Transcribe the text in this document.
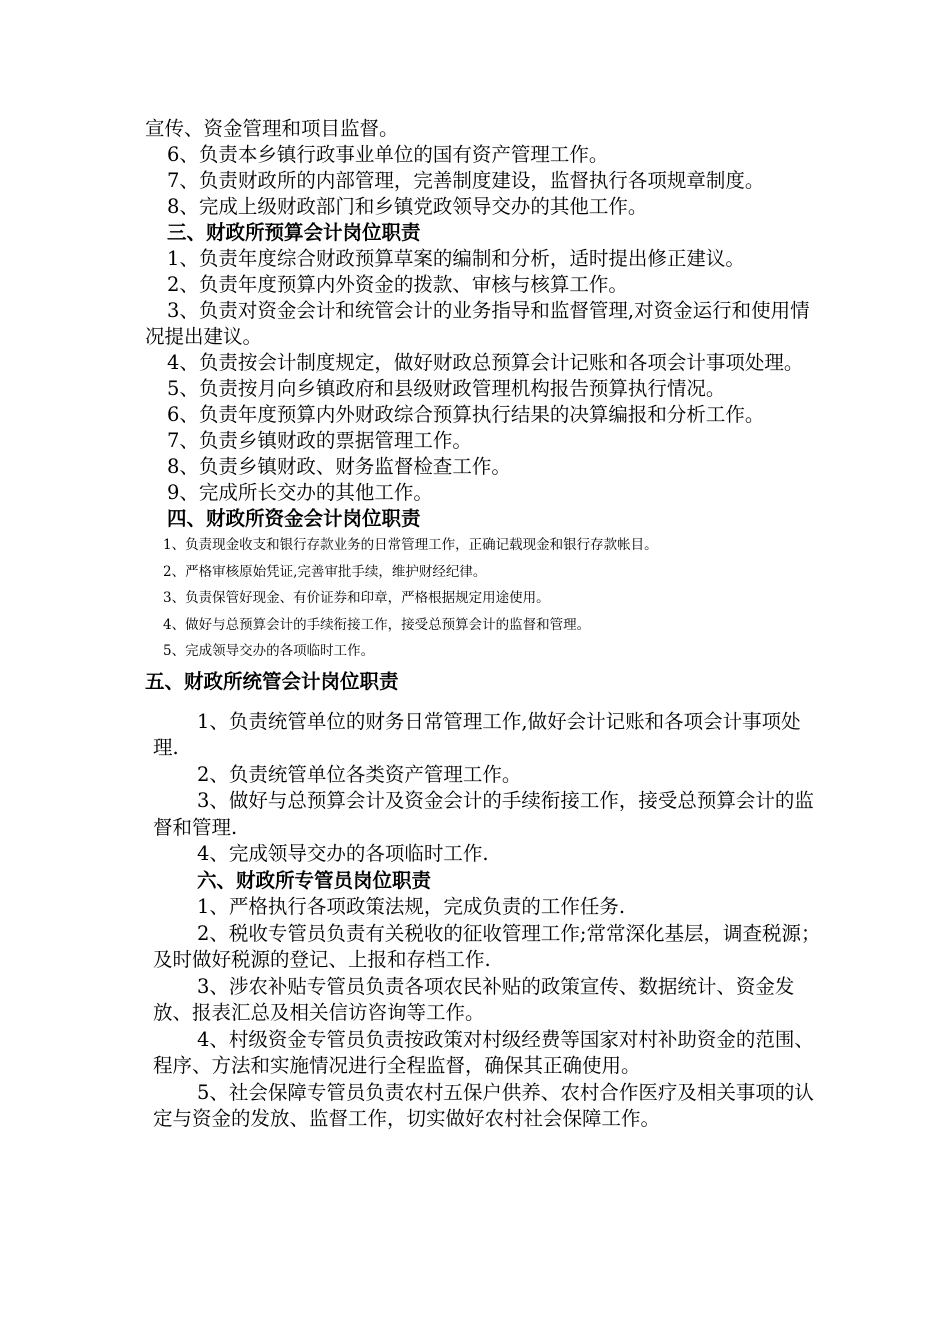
宣传、资金管理和项目监督。

6、负责本乡镇行政事业单位的国有资产管理工作。

7、负责财政所的内部管理，完善制度建设，监督执行各项规章制度。

8、完成上级财政部门和乡镇党政领导交办的其他工作。

三、财政所预算会计岗位职责

1、负责年度综合财政预算草案的编制和分析，适时提出修正建议。

2、负责年度预算内外资金的拨款、审核与核算工作。

3、负责对资金会计和统管会计的业务指导和监督管理,对资金运行和使用情况提出建议。

4、负责按会计制度规定，做好财政总预算会计记账和各项会计事项处理。

5、负责按月向乡镇政府和县级财政管理机构报告预算执行情况。

6、负责年度预算内外财政综合预算执行结果的决算编报和分析工作。

7、负责乡镇财政的票据管理工作。

8、负责乡镇财政、财务监督检查工作。

9、完成所长交办的其他工作。

四、财政所资金会计岗位职责

1、负责现金收支和银行存款业务的日常管理工作，正确记载现金和银行存款帐目。

2、严格审核原始凭证,完善审批手续，维护财经纪律。

3、负责保管好现金、有价证券和印章，严格根据规定用途使用。

4、做好与总预算会计的手续衔接工作，接受总预算会计的监督和管理。

5、完成领导交办的各项临时工作。

五、财政所统管会计岗位职责

1、负责统管单位的财务日常管理工作,做好会计记账和各项会计事项处理.

2、负责统管单位各类资产管理工作。

3、做好与总预算会计及资金会计的手续衔接工作，接受总预算会计的监督和管理.

4、完成领导交办的各项临时工作.

六、财政所专管员岗位职责

1、严格执行各项政策法规，完成负责的工作任务.

2、税收专管员负责有关税收的征收管理工作;常常深化基层，调查税源；及时做好税源的登记、上报和存档工作.

3、涉农补贴专管员负责各项农民补贴的政策宣传、数据统计、资金发放、报表汇总及相关信访咨询等工作。

4、村级资金专管员负责按政策对村级经费等国家对村补助资金的范围、程序、方法和实施情况进行全程监督，确保其正确使用。

5、社会保障专管员负责农村五保户供养、农村合作医疗及相关事项的认定与资金的发放、监督工作，切实做好农村社会保障工作。
